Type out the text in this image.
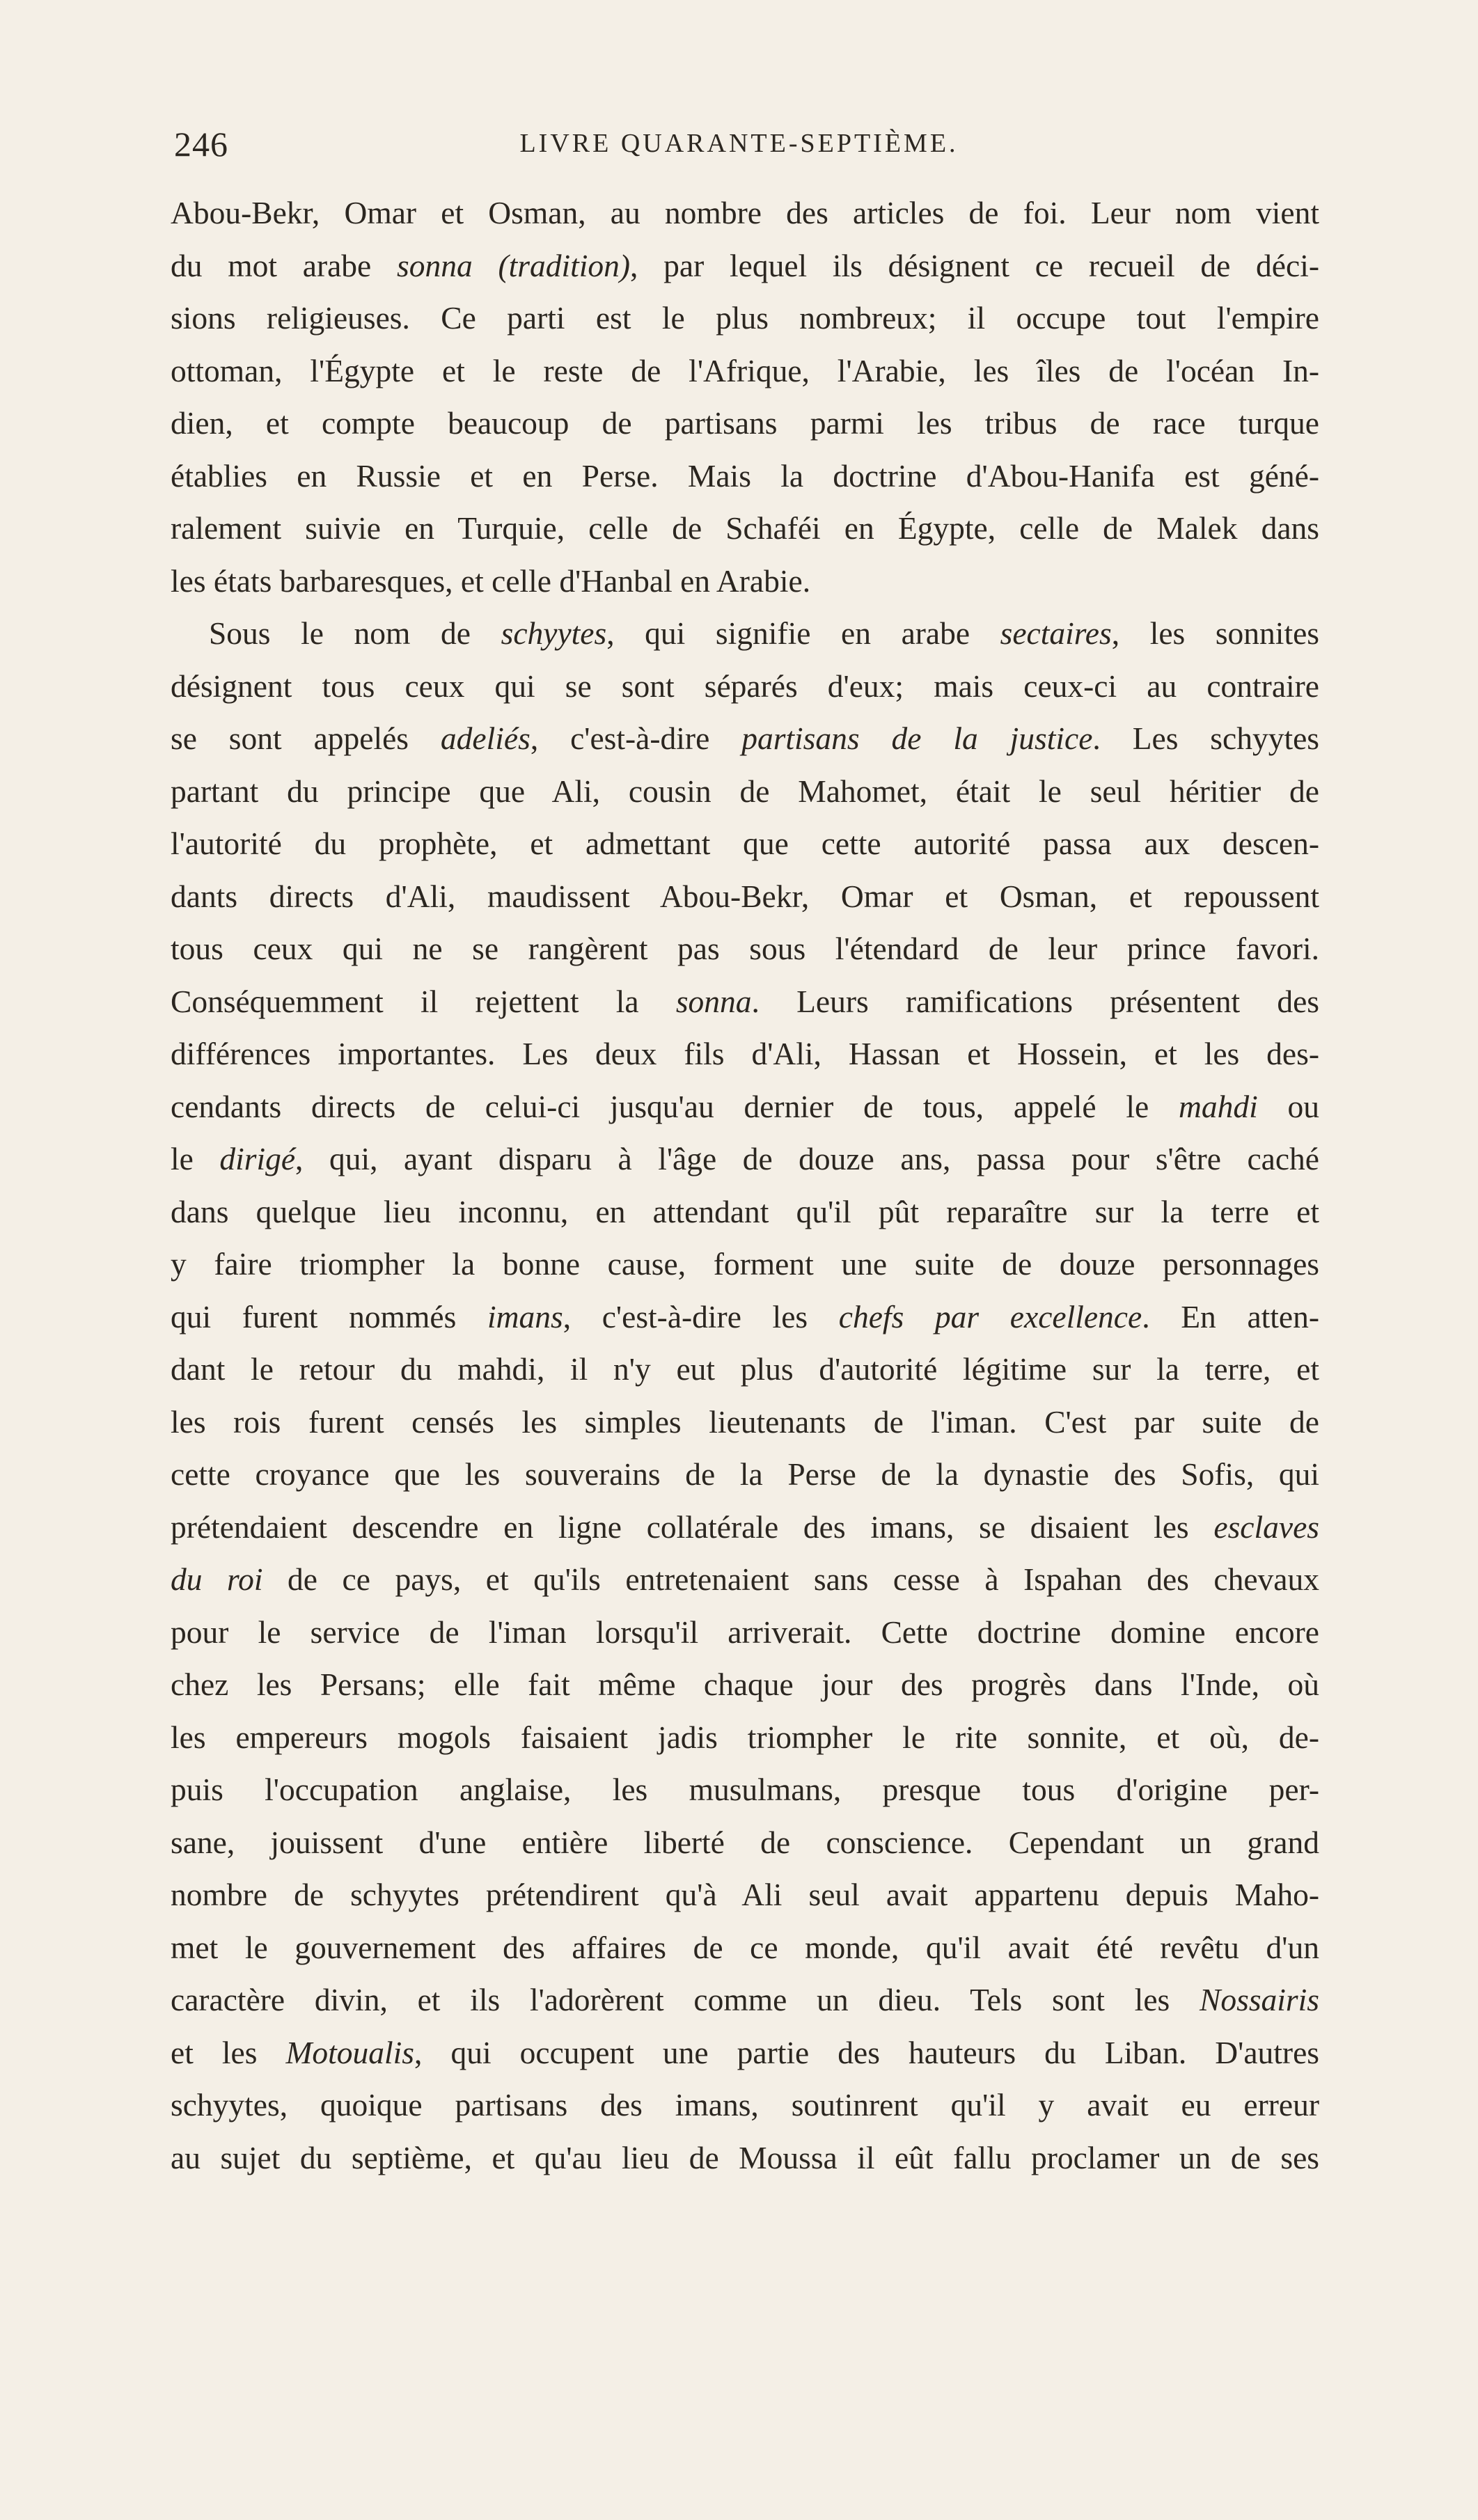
246	LIVRE QUARANTE-SEPTIÈME.
Abou-Bekr, Omar et Osman, au nombre des articles de foi. Leur nom vient
du mot arabe sonna (tradition), par lequel ils désignent ce recueil de déci-
sions religieuses. Ce parti est le plus nombreux; il occupe tout l'empire
ottoman, l'Égypte et le reste de l'Afrique, l'Arabie, les îles de l'océan In-
dien, et compte beaucoup de partisans parmi les tribus de race turque
établies en Russie et en Perse. Mais la doctrine d'Abou-Hanifa est géné-
ralement suivie en Turquie, celle de Schaféi en Égypte, celle de Malek dans
les états barbaresques, et celle d'Hanbal en Arabie.
Sous le nom de schyytes, qui signifie en arabe sectaires, les sonnites
désignent tous ceux qui se sont séparés d'eux; mais ceux-ci au contraire
se sont appelés adeliés, c'est-à-dire partisans de la justice. Les schyytes
partant du principe que Ali, cousin de Mahomet, était le seul héritier de
l'autorité du prophète, et admettant que cette autorité passa aux descen-
dants directs d'Ali, maudissent Abou-Bekr, Omar et Osman, et repoussent
tous ceux qui ne se rangèrent pas sous l'étendard de leur prince favori.
Conséquemment il rejettent la sonna. Leurs ramifications présentent des
différences importantes. Les deux fils d'Ali, Hassan et Hossein, et les des-
cendants directs de celui-ci jusqu'au dernier de tous, appelé le mahdi ou
le dirigé, qui, ayant disparu à l'âge de douze ans, passa pour s'être caché
dans quelque lieu inconnu, en attendant qu'il pût reparaître sur la terre et
y faire triompher la bonne cause, forment une suite de douze personnages
qui furent nommés imans, c'est-à-dire les chefs par excellence. En atten-
dant le retour du mahdi, il n'y eut plus d'autorité légitime sur la terre, et
les rois furent censés les simples lieutenants de l'iman. C'est par suite de
cette croyance que les souverains de la Perse de la dynastie des Sofis, qui
prétendaient descendre en ligne collatérale des imans, se disaient les esclaves
du roi de ce pays, et qu'ils entretenaient sans cesse à Ispahan des chevaux
pour le service de l'iman lorsqu'il arriverait. Cette doctrine domine encore
chez les Persans; elle fait même chaque jour des progrès dans l'Inde, où
les empereurs mogols faisaient jadis triompher le rite sonnite, et où, de-
puis l'occupation anglaise, les musulmans, presque tous d'origine per-
sane, jouissent d'une entière liberté de conscience. Cependant un grand
nombre de schyytes prétendirent qu'à Ali seul avait appartenu depuis Maho-
met le gouvernement des affaires de ce monde, qu'il avait été revêtu d'un
caractère divin, et ils l'adorèrent comme un dieu. Tels sont les Nossairis
et les Motoualis, qui occupent une partie des hauteurs du Liban. D'autres
schyytes, quoique partisans des imans, soutinrent qu'il y avait eu erreur
au sujet du septième, et qu'au lieu de Moussa il eût fallu proclamer un de ses
